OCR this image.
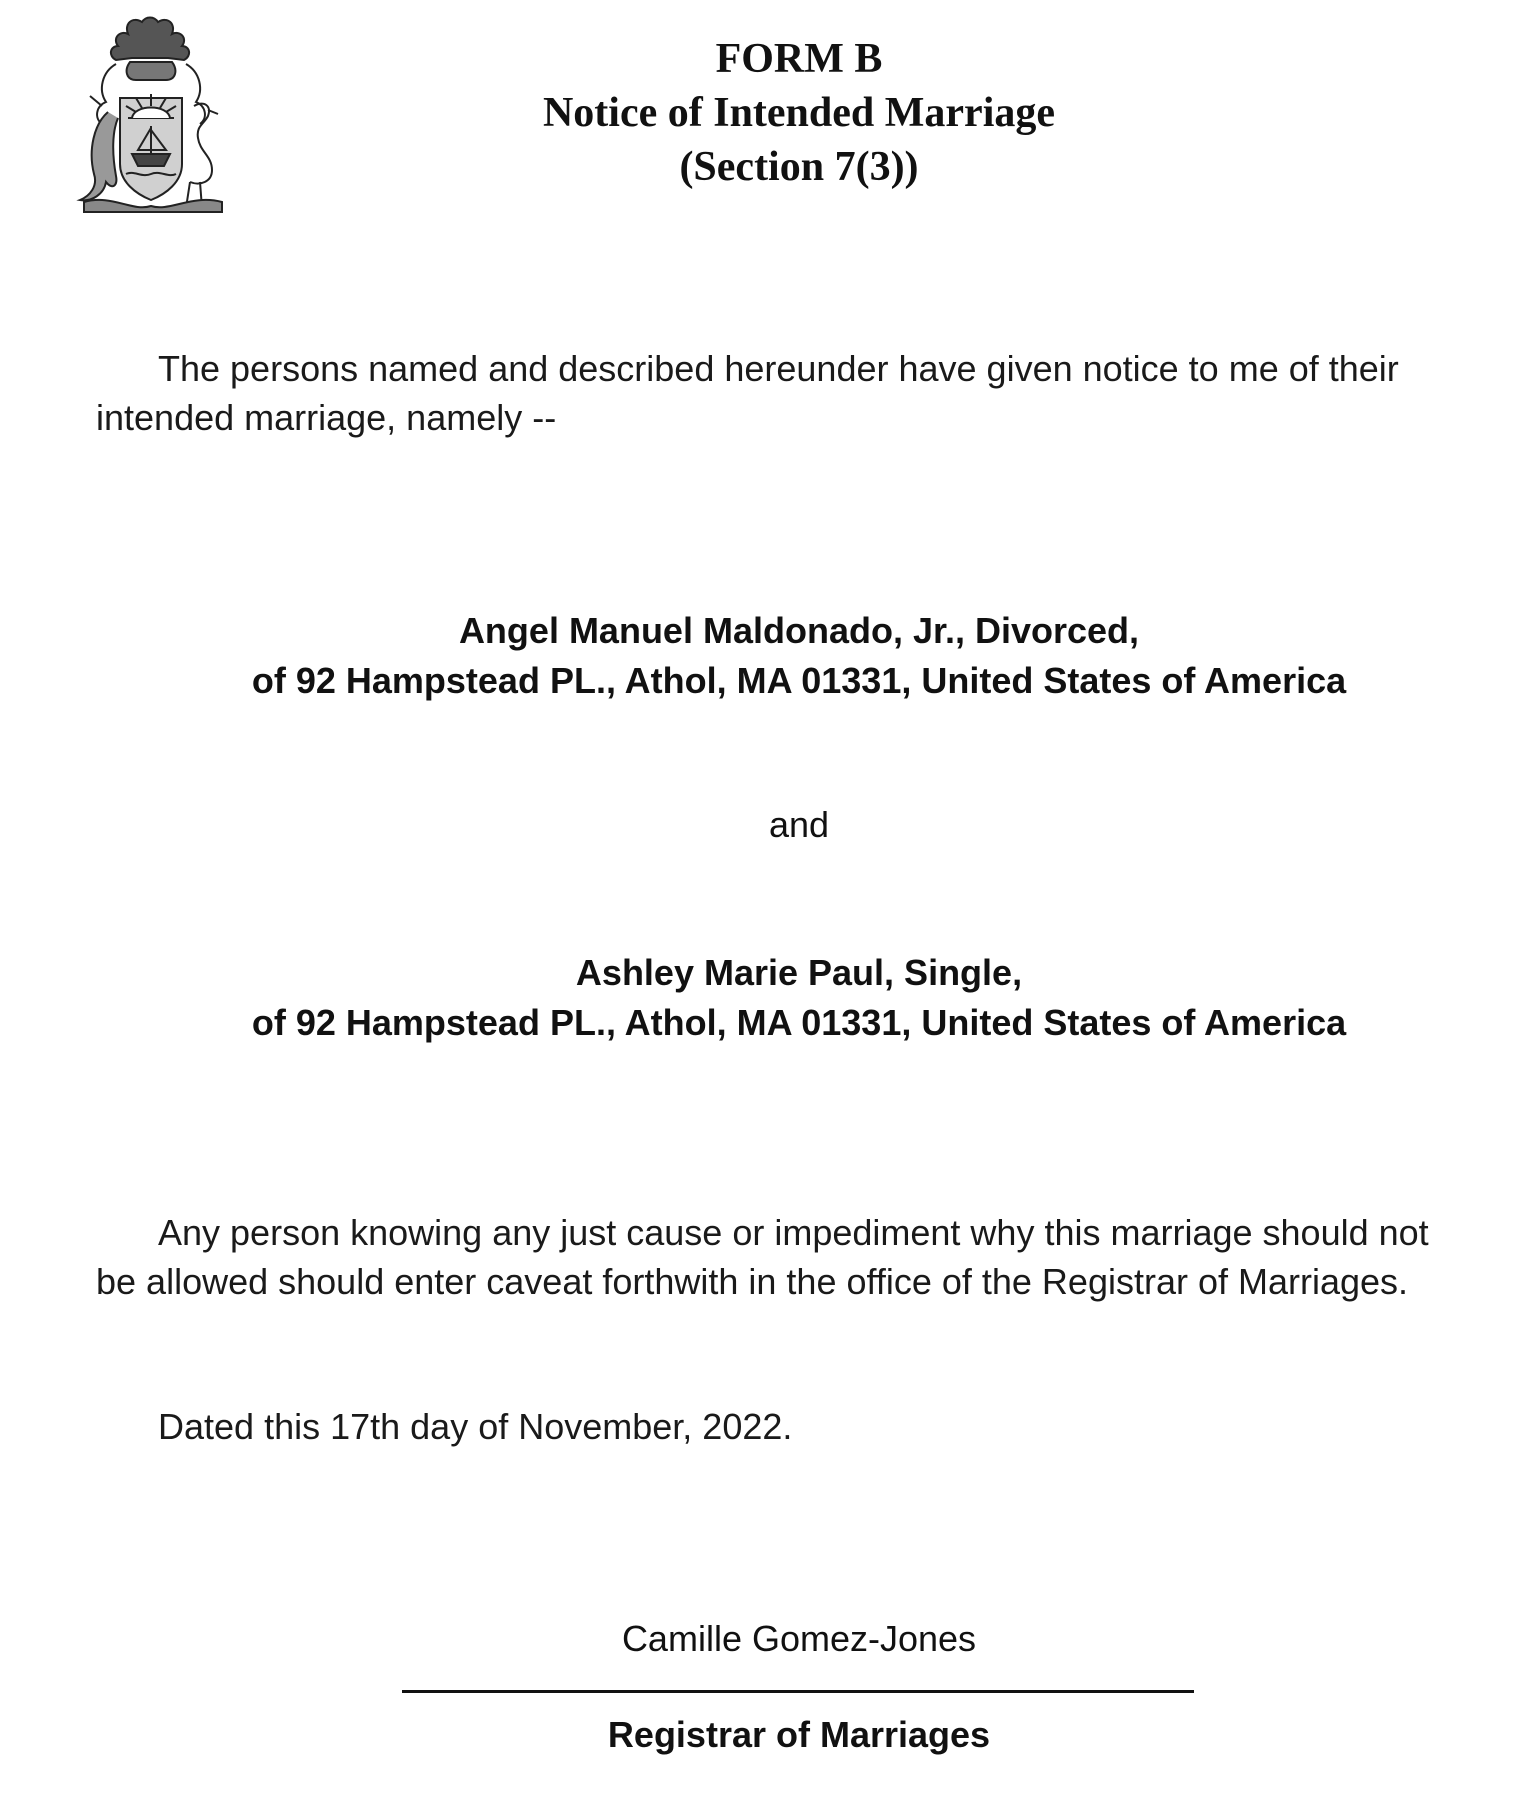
FORM B
Notice of Intended Marriage
(Section 7(3))
The persons named and described hereunder have given notice to me of their
intended marriage, namely --
Angel Manuel Maldonado, Jr., Divorced,
of 92 Hampstead PL., Athol, MA 01331, United States of America
and
Ashley Marie Paul, Single,
of 92 Hampstead PL., Athol, MA 01331, United States of America
Any person knowing any just cause or impediment why this marriage should not
be allowed should enter caveat forthwith in the office of the Registrar of Marriages.
Dated this 17th day of November, 2022.
Camille Gomez-Jones
Registrar of Marriages
